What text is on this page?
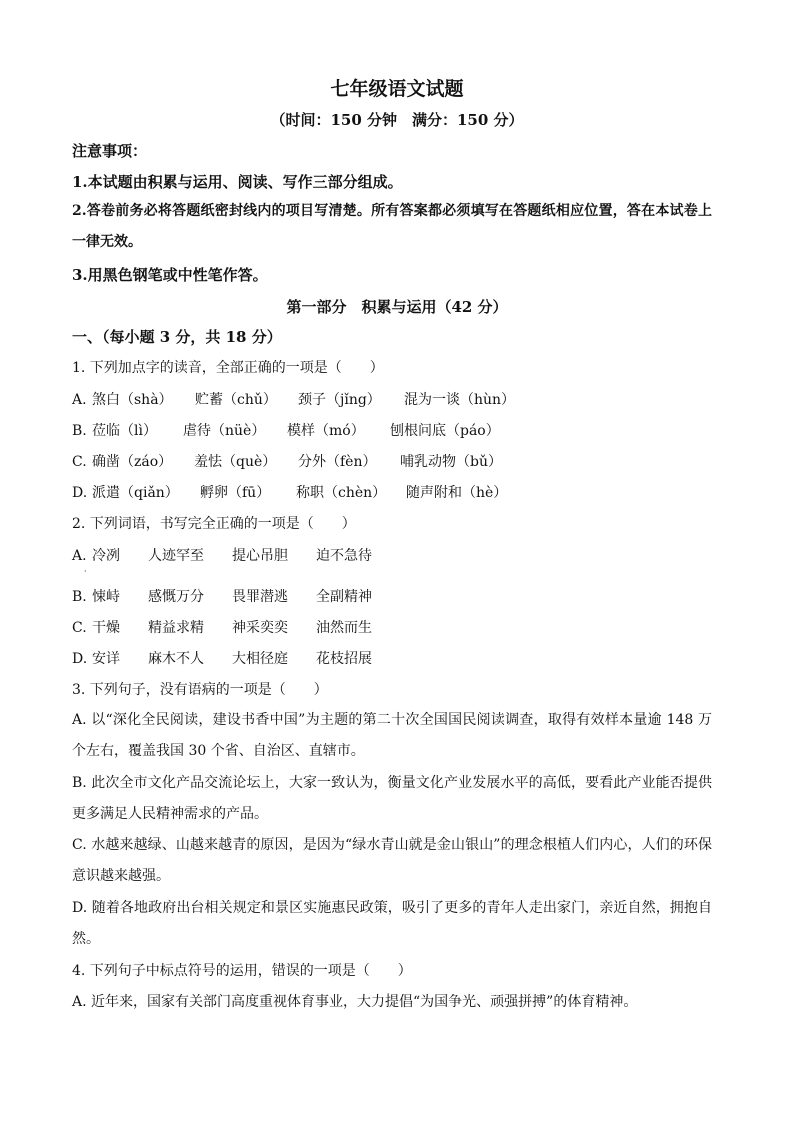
七年级语文试题
（时间：150 分钟　满分：150 分）
注意事项：
1.本试题由积累与运用、阅读、写作三部分组成。
2.答卷前务必将答题纸密封线内的项目写清楚。所有答案都必须填写在答题纸相应位置，答在本试卷上一律无效。
3.用黑色钢笔或中性笔作答。
第一部分　积累与运用（42 分）
一、（每小题 3 分，共 18 分）
1. 下列加点字的读音，全部正确的一项是（　　）
A. 煞白（shà） 贮蓄（chǔ） 颈子（jǐng） 混为一谈（hùn）
B. 莅临（lì） 虐待（nüè） 模样（mó） 刨根问底（páo）
C. 确凿（záo） 羞怯（què） 分外（fèn） 哺乳动物（bǔ）
D. 派遣（qiǎn） 孵卵（fū） 称职（chèn） 随声附和（hè）
2. 下列词语，书写完全正确的一项是（　　）
A. 冷冽 人迹罕至 提心吊胆 迫不急待
·
B. 悚峙 感慨万分 畏罪潜逃 全副精神
C. 干燥 精益求精 神采奕奕 油然而生
D. 安详 麻木不人 大相径庭 花枝招展
3. 下列句子，没有语病的一项是（　　）
A. 以“深化全民阅读，建设书香中国”为主题的第二十次全国国民阅读调查，取得有效样本量逾 148 万个左右，覆盖我国 30 个省、自治区、直辖市。
B. 此次全市文化产品交流论坛上，大家一致认为，衡量文化产业发展水平的高低，要看此产业能否提供更多满足人民精神需求的产品。
C. 水越来越绿、山越来越青的原因，是因为“绿水青山就是金山银山”的理念根植人们内心，人们的环保意识越来越强。
D. 随着各地政府出台相关规定和景区实施惠民政策，吸引了更多的青年人走出家门，亲近自然，拥抱自然。
4. 下列句子中标点符号的运用，错误的一项是（　　）
A. 近年来，国家有关部门高度重视体育事业，大力提倡“为国争光、顽强拼搏”的体育精神。
